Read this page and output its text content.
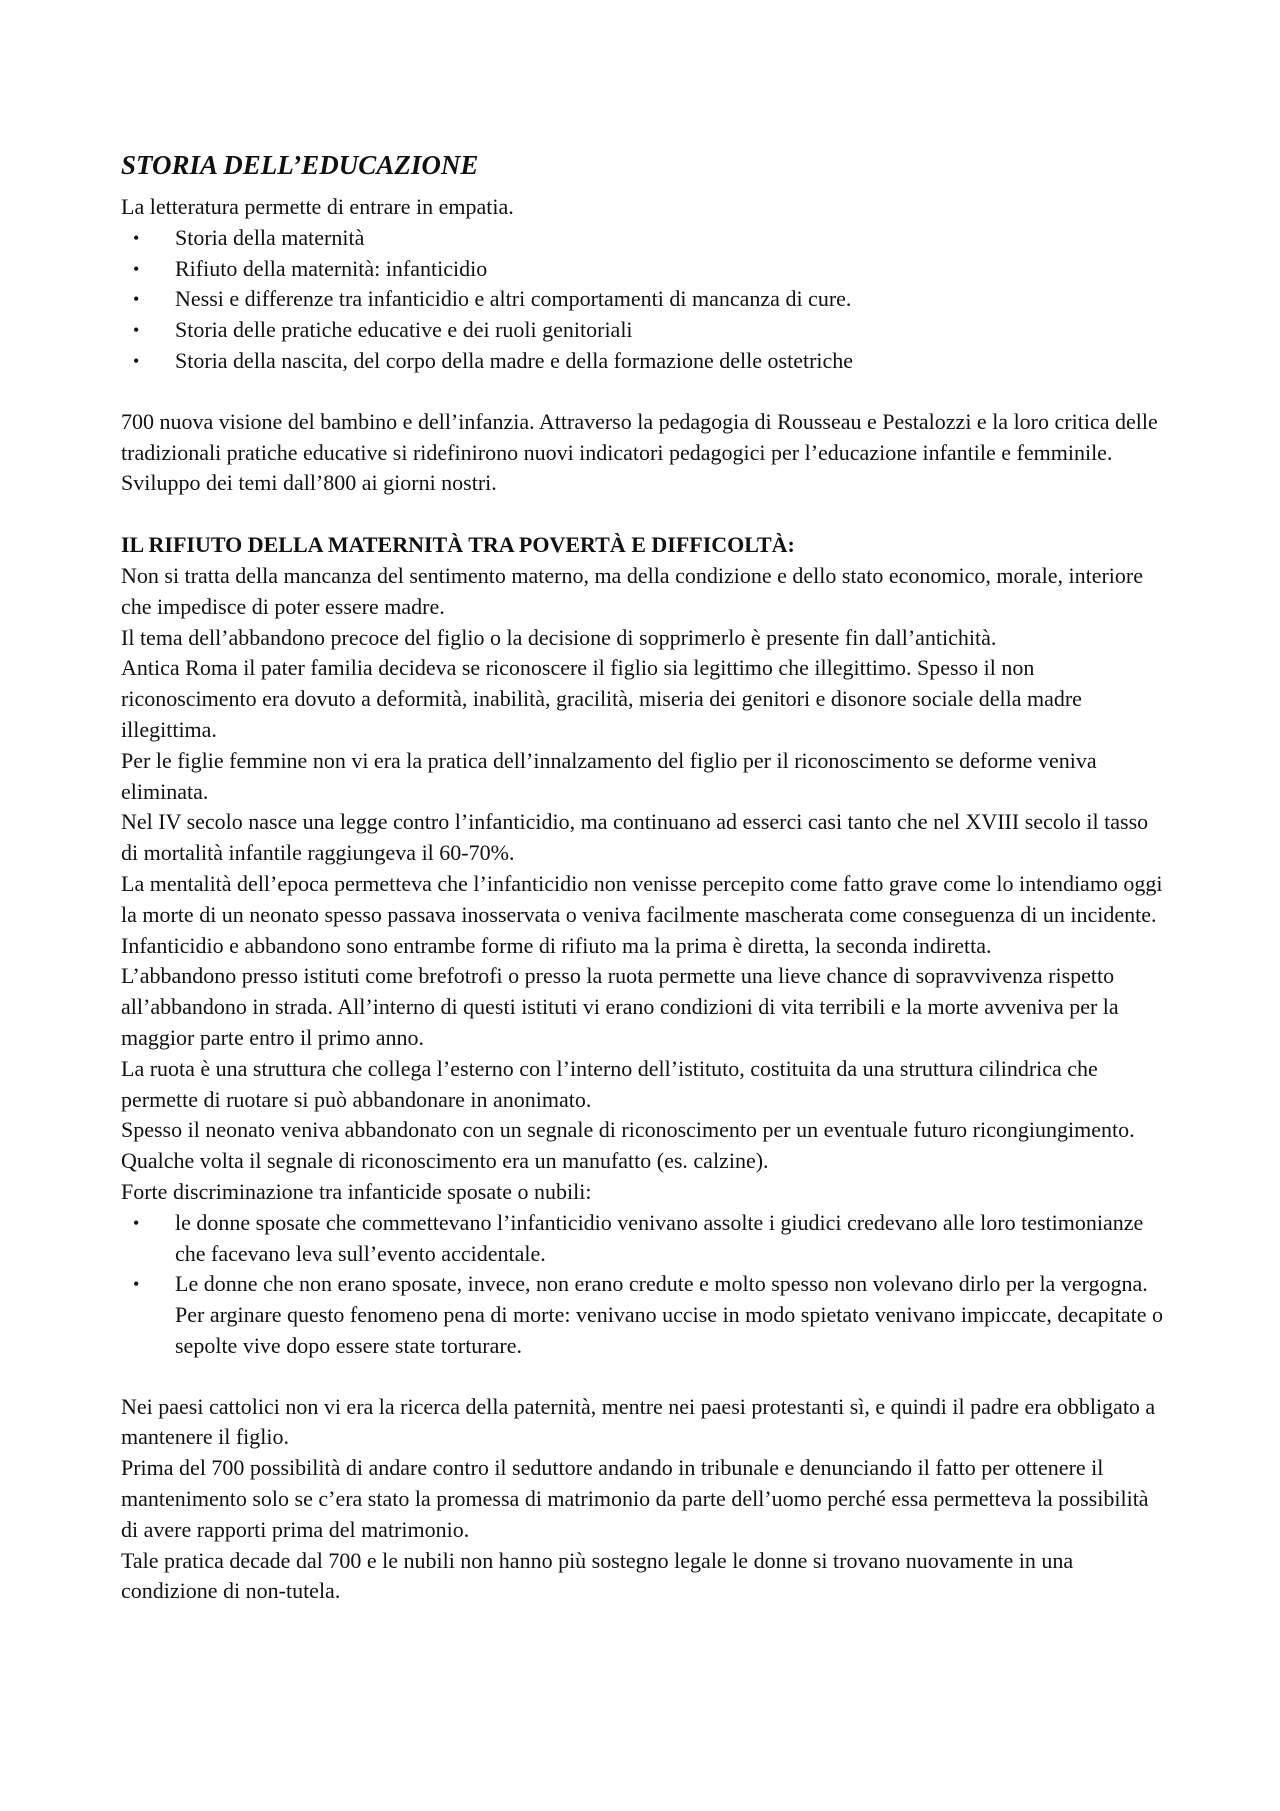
STORIA DELL’EDUCAZIONE

La letteratura permette di entrare in empatia.

• Storia della maternità
• Rifiuto della maternità: infanticidio
• Nessi e differenze tra infanticidio e altri comportamenti di mancanza di cure.
• Storia delle pratiche educative e dei ruoli genitoriali
• Storia della nascita, del corpo della madre e della formazione delle ostetriche

700 nuova visione del bambino e dell’infanzia. Attraverso la pedagogia di Rousseau e Pestalozzi e la loro critica delle tradizionali pratiche educative si ridefinirono nuovi indicatori pedagogici per l’educazione infantile e femminile.

Sviluppo dei temi dall’800 ai giorni nostri.

IL RIFIUTO DELLA MATERNITÀ TRA POVERTÀ E DIFFICOLTÀ:

Non si tratta della mancanza del sentimento materno, ma della condizione e dello stato economico, morale, interiore che impedisce di poter essere madre.

Il tema dell’abbandono precoce del figlio o la decisione di sopprimerlo è presente fin dall’antichità.

Antica Roma il pater familia decideva se riconoscere il figlio sia legittimo che illegittimo. Spesso il non riconoscimento era dovuto a deformità, inabilità, gracilità, miseria dei genitori e disonore sociale della madre illegittima.

Per le figlie femmine non vi era la pratica dell’innalzamento del figlio per il riconoscimento se deforme veniva eliminata.

Nel IV secolo nasce una legge contro l’infanticidio, ma continuano ad esserci casi tanto che nel XVIII secolo il tasso di mortalità infantile raggiungeva il 60-70%.

La mentalità dell’epoca permetteva che l’infanticidio non venisse percepito come fatto grave come lo intendiamo oggi la morte di un neonato spesso passava inosservata o veniva facilmente mascherata come conseguenza di un incidente.

Infanticidio e abbandono sono entrambe forme di rifiuto ma la prima è diretta, la seconda indiretta.

L’abbandono presso istituti come brefotrofi o presso la ruota permette una lieve chance di sopravvivenza rispetto all’abbandono in strada. All’interno di questi istituti vi erano condizioni di vita terribili e la morte avveniva per la maggior parte entro il primo anno.

La ruota è una struttura che collega l’esterno con l’interno dell’istituto, costituita da una struttura cilindrica che permette di ruotare si può abbandonare in anonimato.

Spesso il neonato veniva abbandonato con un segnale di riconoscimento per un eventuale futuro ricongiungimento. Qualche volta il segnale di riconoscimento era un manufatto (es. calzine).

Forte discriminazione tra infanticide sposate o nubili:

• le donne sposate che commettevano l’infanticidio venivano assolte i giudici credevano alle loro testimonianze che facevano leva sull’evento accidentale.
• Le donne che non erano sposate, invece, non erano credute e molto spesso non volevano dirlo per la vergogna. Per arginare questo fenomeno pena di morte: venivano uccise in modo spietato venivano impiccate, decapitate o sepolte vive dopo essere state torturare.

Nei paesi cattolici non vi era la ricerca della paternità, mentre nei paesi protestanti sì, e quindi il padre era obbligato a mantenere il figlio.

Prima del 700 possibilità di andare contro il seduttore andando in tribunale e denunciando il fatto per ottenere il mantenimento solo se c’era stato la promessa di matrimonio da parte dell’uomo perché essa permetteva la possibilità di avere rapporti prima del matrimonio.

Tale pratica decade dal 700 e le nubili non hanno più sostegno legale le donne si trovano nuovamente in una condizione di non-tutela.
